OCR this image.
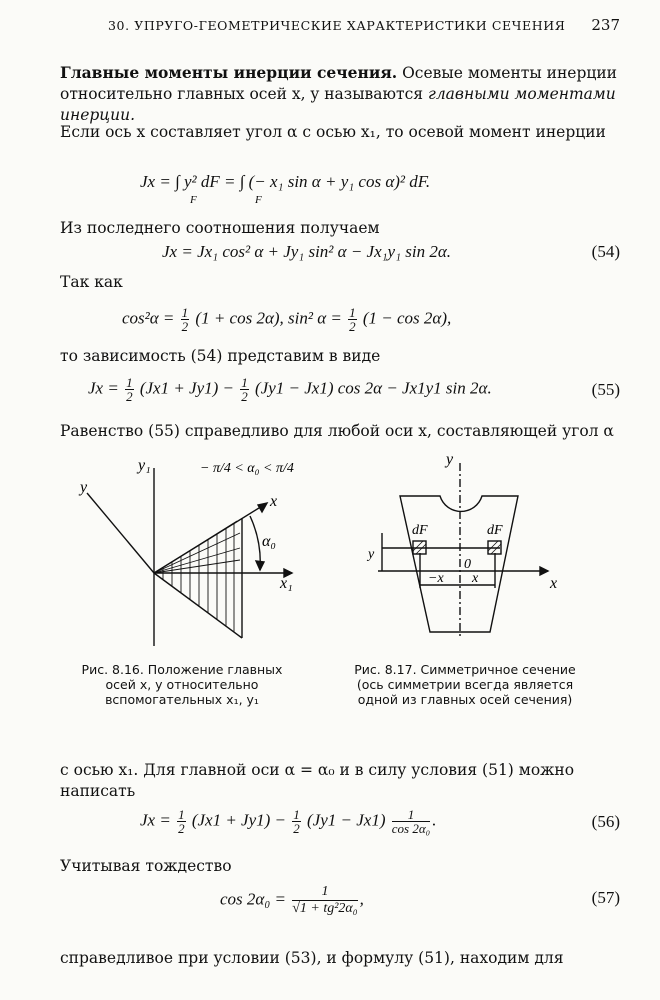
30. УПРУГО-ГЕОМЕТРИЧЕСКИЕ ХАРАКТЕРИСТИКИ СЕЧЕНИЯ 237
Главные моменты инерции сечения. Осевые моменты инерции относительно главных осей x, y называются главными моментами инерции.
Если ось x составляет угол α с осью x₁, то осевой момент инерции
Jx = ∫ y² dF = ∫ (− x₁ sin α + y₁ cos α)² dF.
F	F
Из последнего соотношения получаем
Jx = Jx₁ cos² α + Jy₁ sin² α − Jx₁y₁ sin 2α.	(54)
Так как
$\cos^2\alpha = \frac{1}{2} (1 + \cos 2\alpha)$, sin² $\alpha = \frac{1}{2} (1 - \cos 2\alpha)$,
то зависимость (54) представим в виде
$Jx = \frac{1}{2} (Jx1 + Jy1) - \frac{1}{2} (Jy1 - Jx1)$ cos 2α − Jx1y1 sin 2α.	(55)
Равенство (55) справедливо для любой оси x, составляющей угол α
y₁
y
x
x₁
α₀
− π/4 < α₀ < π/4
y
x
dF	dF
0
−x x
y
Рис. 8.16. Положение главных осей x, y относительно вспомогательных x₁, y₁
Рис. 8.17. Симметричное сечение (ось симметрии всегда является одной из главных осей сечения)
с осью x₁. Для главной оси α = α₀ и в силу условия (51) можно написать
$Jx = \frac{1}{2} (Jx1 + Jy1) - \frac{1}{2} (Jy1 - Jx1) \frac{1}{\text{cos 2α₀}}$ .	(56)
Учитывая тождество
$\cos 2\alpha_0 = \frac{1}{\text{√1 + tg²2α₀}}$ ,	(57)
справедливое при условии (53), и формулу (51), находим для
